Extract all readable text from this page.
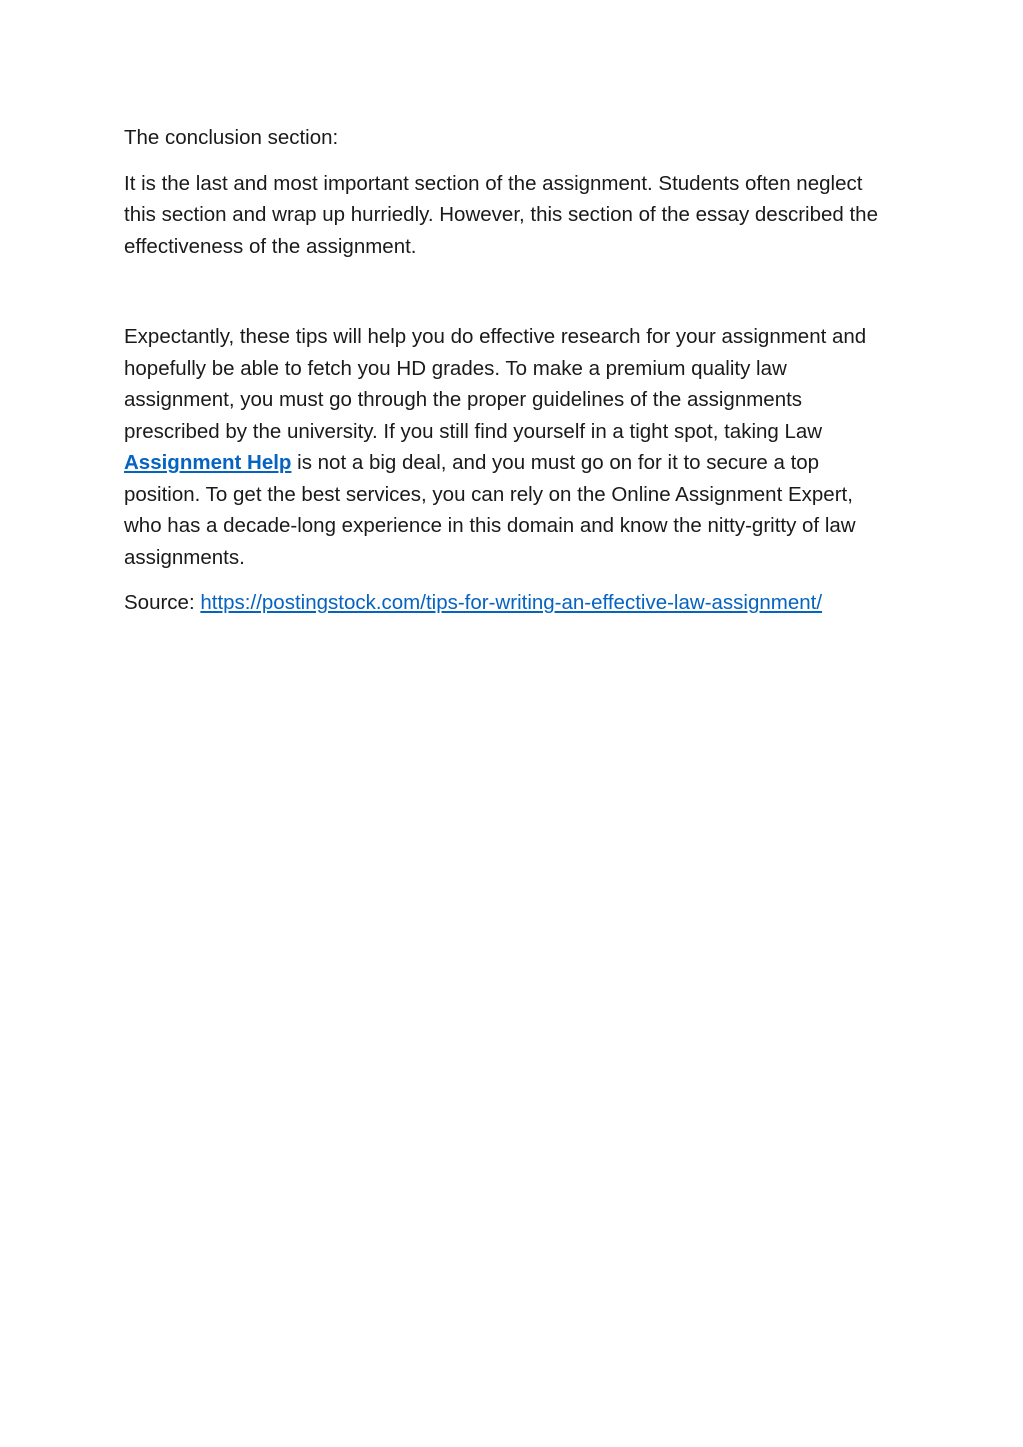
The conclusion section:

It is the last and most important section of the assignment. Students often neglect this section and wrap up hurriedly. However, this section of the essay described the effectiveness of the assignment.

Expectantly, these tips will help you do effective research for your assignment and hopefully be able to fetch you HD grades. To make a premium quality law assignment, you must go through the proper guidelines of the assignments prescribed by the university. If you still find yourself in a tight spot, taking Law Assignment Help is not a big deal, and you must go on for it to secure a top position. To get the best services, you can rely on the Online Assignment Expert, who has a decade-long experience in this domain and know the nitty-gritty of law assignments.

Source: https://postingstock.com/tips-for-writing-an-effective-law-assignment/
